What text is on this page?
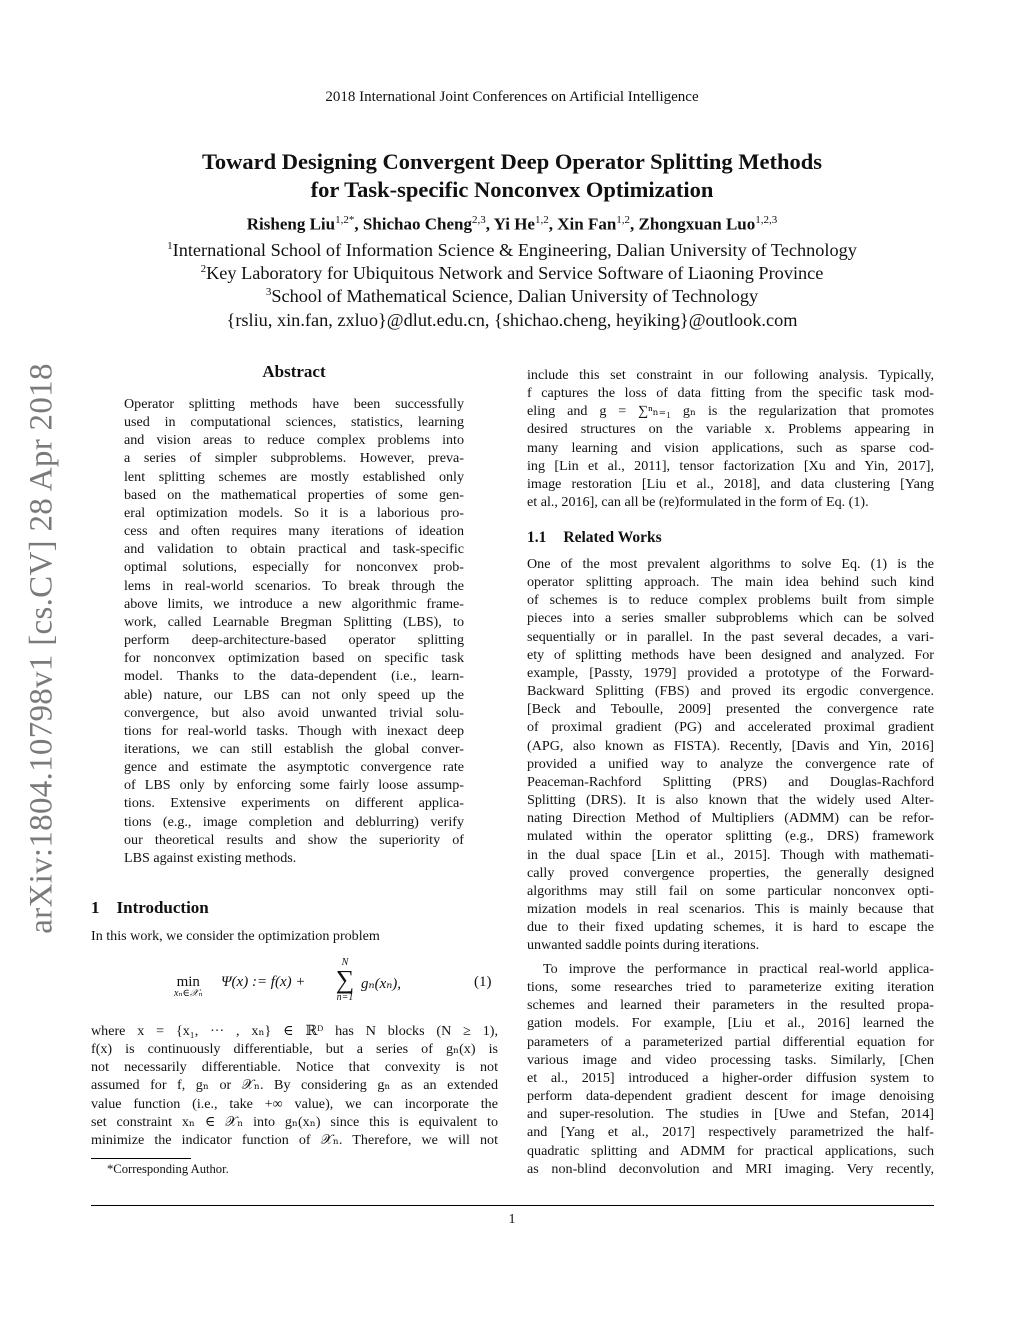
2018 International Joint Conferences on Artificial Intelligence
Toward Designing Convergent Deep Operator Splitting Methods
for Task-specific Nonconvex Optimization
Risheng Liu$^{1,2*}$, Shichao Cheng$^{2,3}$, Yi He$^{1,2}$, Xin Fan$^{1,2}$, Zhongxuan Luo$^{1,2,3}$
$^1$International School of Information Science & Engineering, Dalian University of Technology
$^2$Key Laboratory for Ubiquitous Network and Service Software of Liaoning Province
$^3$School of Mathematical Science, Dalian University of Technology
{rsliu, xin.fan, zxluo}@dlut.edu.cn, {shichao.cheng, heyiking}@outlook.com
arXiv:1804.10798v1 [cs.CV] 28 Apr 2018	Abstract
Operator splitting methods have been successfully
used in computational sciences, statistics, learning
and vision areas to reduce complex problems into
a series of simpler subproblems. However, preva-
lent splitting schemes are mostly established only
based on the mathematical properties of some gen-
eral optimization models. So it is a laborious pro-
cess and often requires many iterations of ideation
and validation to obtain practical and task-specific
optimal solutions, especially for nonconvex prob-
lems in real-world scenarios. To break through the
above limits, we introduce a new algorithmic frame-
work, called Learnable Bregman Splitting (LBS), to
perform deep-architecture-based operator splitting
for nonconvex optimization based on specific task
model. Thanks to the data-dependent (i.e., learn-
able) nature, our LBS can not only speed up the
convergence, but also avoid unwanted trivial solu-
tions for real-world tasks. Though with inexact deep
iterations, we can still establish the global conver-
gence and estimate the asymptotic convergence rate
of LBS only by enforcing some fairly loose assump-
tions. Extensive experiments on different applica-
tions (e.g., image completion and deblurring) verify
our theoretical results and show the superiority of
LBS against existing methods.
1 Introduction
In this work, we consider the optimization problem
min
xₙ∈𝒳ₙ
Ψ(x) := f(x) +
N
∑
n=1
gₙ(xₙ),	(1)
where x = {x₁, ··· , xₙ} ∈ ℝᴰ has N blocks (N ≥ 1),
f(x) is continuously differentiable, but a series of gₙ(x) is
not necessarily differentiable. Notice that convexity is not
assumed for f, gₙ or 𝒳ₙ. By considering gₙ as an extended
value function (i.e., take +∞ value), we can incorporate the
set constraint xₙ ∈ 𝒳ₙ into gₙ(xₙ) since this is equivalent to
minimize the indicator function of 𝒳ₙ. Therefore, we will not
*Corresponding Author.
include this set constraint in our following analysis. Typically,
f captures the loss of data fitting from the specific task mod-
eling and g = ∑ⁿₙ₌₁ gₙ is the regularization that promotes
desired structures on the variable x. Problems appearing in
many learning and vision applications, such as sparse cod-
ing [Lin et al., 2011], tensor factorization [Xu and Yin, 2017],
image restoration [Liu et al., 2018], and data clustering [Yang
et al., 2016], can all be (re)formulated in the form of Eq. (1).
1.1 Related Works
One of the most prevalent algorithms to solve Eq. (1) is the
operator splitting approach. The main idea behind such kind
of schemes is to reduce complex problems built from simple
pieces into a series smaller subproblems which can be solved
sequentially or in parallel. In the past several decades, a vari-
ety of splitting methods have been designed and analyzed. For
example, [Passty, 1979] provided a prototype of the Forward-
Backward Splitting (FBS) and proved its ergodic convergence.
[Beck and Teboulle, 2009] presented the convergence rate
of proximal gradient (PG) and accelerated proximal gradient
(APG, also known as FISTA). Recently, [Davis and Yin, 2016]
provided a unified way to analyze the convergence rate of
Peaceman-Rachford Splitting (PRS) and Douglas-Rachford
Splitting (DRS). It is also known that the widely used Alter-
nating Direction Method of Multipliers (ADMM) can be refor-
mulated within the operator splitting (e.g., DRS) framework
in the dual space [Lin et al., 2015]. Though with mathemati-
cally proved convergence properties, the generally designed
algorithms may still fail on some particular nonconvex opti-
mization models in real scenarios. This is mainly because that
due to their fixed updating schemes, it is hard to escape the
unwanted saddle points during iterations.
To improve the performance in practical real-world applica-
tions, some researches tried to parameterize exiting iteration
schemes and learned their parameters in the resulted propa-
gation models. For example, [Liu et al., 2016] learned the
parameters of a parameterized partial differential equation for
various image and video processing tasks. Similarly, [Chen
et al., 2015] introduced a higher-order diffusion system to
perform data-dependent gradient descent for image denoising
and super-resolution. The studies in [Uwe and Stefan, 2014]
and [Yang et al., 2017] respectively parametrized the half-
quadratic splitting and ADMM for practical applications, such
as non-blind deconvolution and MRI imaging. Very recently,
1
